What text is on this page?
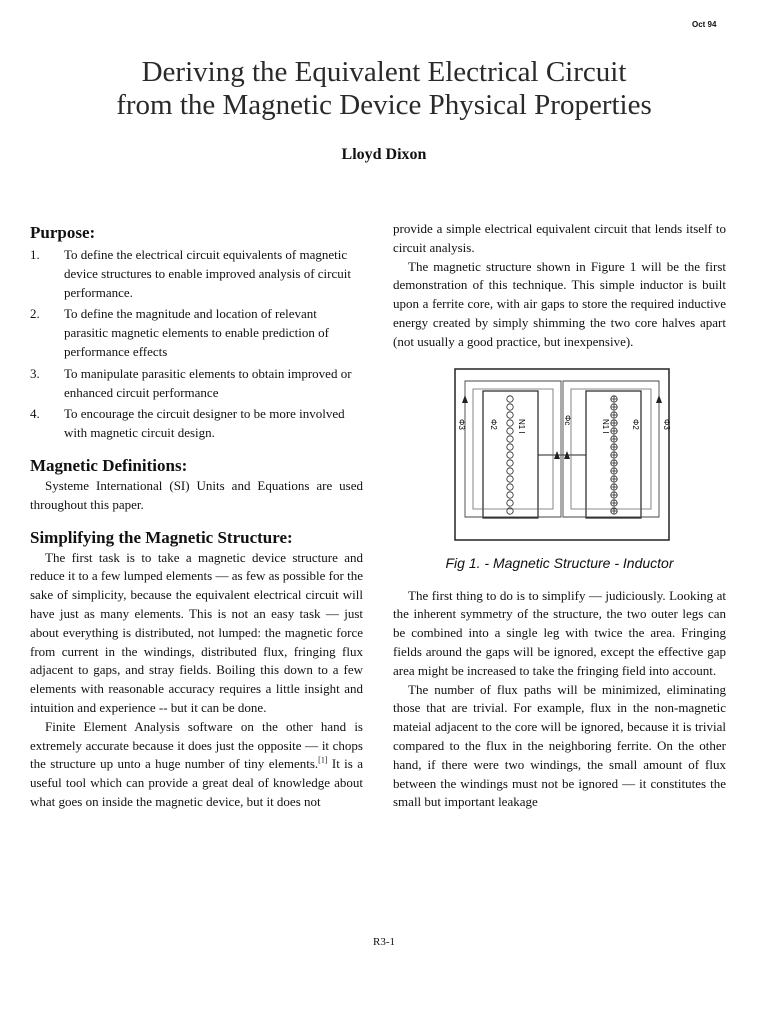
Oct 94
Deriving the Equivalent Electrical Circuit
from the Magnetic Device Physical Properties
Lloyd Dixon
Purpose:
1. To define the electrical circuit equivalents of magnetic device structures to enable improved analysis of circuit performance.
2. To define the magnitude and location of relevant parasitic magnetic elements to enable prediction of performance effects
3. To manipulate parasitic elements to obtain improved or enhanced circuit performance
4. To encourage the circuit designer to be more involved with magnetic circuit design.
Magnetic Definitions:

Systeme International (SI) Units and Equations are used throughout this paper.

Simplifying the Magnetic Structure:

The first task is to take a magnetic device structure and reduce it to a few lumped elements — as few as possible for the sake of simplicity, because the equivalent electrical circuit will have just as many elements. This is not an easy task — just about everything is distributed, not lumped: the magnetic force from current in the windings, distributed flux, fringing flux adjacent to gaps, and stray fields. Boiling this down to a few elements with reasonable accuracy requires a little insight and intuition and experience -- but it can be done.

Finite Element Analysis software on the other hand is extremely accurate because it does just the opposite — it chops the structure up unto a huge number of tiny elements.[1] It is a useful tool which can provide a great deal of knowledge about what goes on inside the magnetic device, but it does not

provide a simple electrical equivalent circuit that lends itself to circuit analysis.

The magnetic structure shown in Figure 1 will be the first demonstration of this technique. This simple inductor is built upon a ferrite core, with air gaps to store the required inductive energy created by simply shimming the two core halves apart (not usually a good practice, but inexpensive).

Φ3	Φ2 N1 I	Φc	N1 I	Φ2	Φ3
Fig 1. - Magnetic Structure - Inductor

The first thing to do is to simplify — judiciously. Looking at the inherent symmetry of the structure, the two outer legs can be combined into a single leg with twice the area. Fringing fields around the gaps will be ignored, except the effective gap area might be increased to take the fringing field into account.

The number of flux paths will be minimized, eliminating those that are trivial. For example, flux in the non-magnetic mateial adjacent to the core will be ignored, because it is trivial compared to the flux in the neighboring ferrite. On the other hand, if there were two windings, the small amount of flux between the windings must not be ignored — it constitutes the small but important leakage

R3-1
